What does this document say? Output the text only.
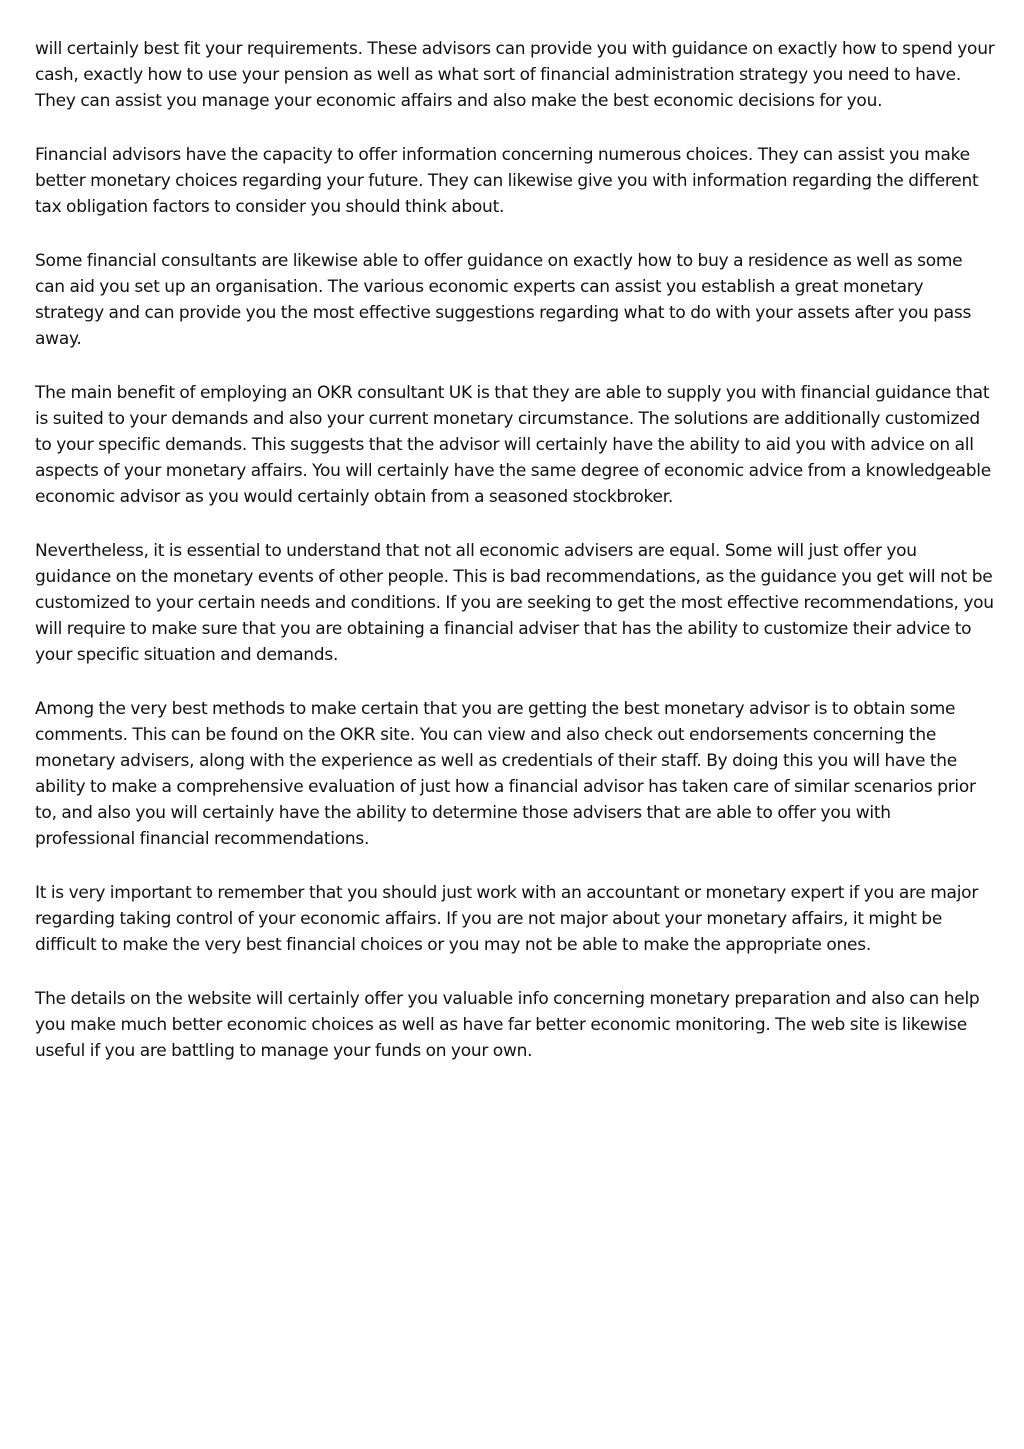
will certainly best fit your requirements. These advisors can provide you with guidance on exactly how to spend your cash, exactly how to use your pension as well as what sort of financial administration strategy you need to have. They can assist you manage your economic affairs and also make the best economic decisions for you.

Financial advisors have the capacity to offer information concerning numerous choices. They can assist you make better monetary choices regarding your future. They can likewise give you with information regarding the different tax obligation factors to consider you should think about.

Some financial consultants are likewise able to offer guidance on exactly how to buy a residence as well as some can aid you set up an organisation. The various economic experts can assist you establish a great monetary strategy and can provide you the most effective suggestions regarding what to do with your assets after you pass away.

The main benefit of employing an OKR consultant UK is that they are able to supply you with financial guidance that is suited to your demands and also your current monetary circumstance. The solutions are additionally customized to your specific demands. This suggests that the advisor will certainly have the ability to aid you with advice on all aspects of your monetary affairs. You will certainly have the same degree of economic advice from a knowledgeable economic advisor as you would certainly obtain from a seasoned stockbroker.

Nevertheless, it is essential to understand that not all economic advisers are equal. Some will just offer you guidance on the monetary events of other people. This is bad recommendations, as the guidance you get will not be customized to your certain needs and conditions. If you are seeking to get the most effective recommendations, you will require to make sure that you are obtaining a financial adviser that has the ability to customize their advice to your specific situation and demands.

Among the very best methods to make certain that you are getting the best monetary advisor is to obtain some comments. This can be found on the OKR site. You can view and also check out endorsements concerning the monetary advisers, along with the experience as well as credentials of their staff. By doing this you will have the ability to make a comprehensive evaluation of just how a financial advisor has taken care of similar scenarios prior to, and also you will certainly have the ability to determine those advisers that are able to offer you with professional financial recommendations.

It is very important to remember that you should just work with an accountant or monetary expert if you are major regarding taking control of your economic affairs. If you are not major about your monetary affairs, it might be difficult to make the very best financial choices or you may not be able to make the appropriate ones.

The details on the website will certainly offer you valuable info concerning monetary preparation and also can help you make much better economic choices as well as have far better economic monitoring. The web site is likewise useful if you are battling to manage your funds on your own.
